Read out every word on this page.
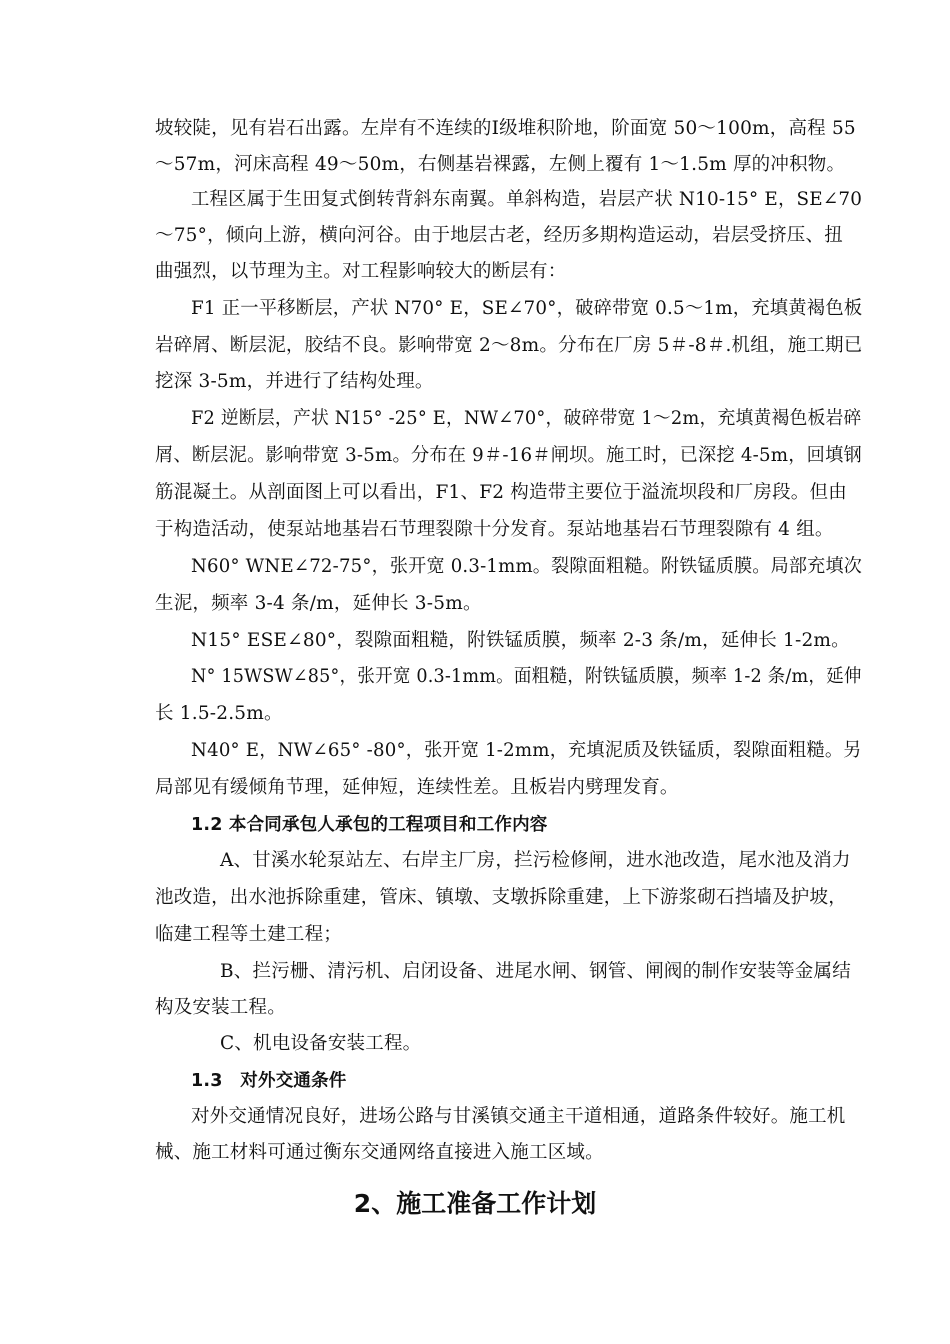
坡较陡，见有岩石出露。左岸有不连续的Ⅰ级堆积阶地，阶面宽 50～100m，高程 55
～57m，河床高程 49～50m，右侧基岩裸露，左侧上覆有 1～1.5m 厚的冲积物。
工程区属于生田复式倒转背斜东南翼。单斜构造，岩层产状 N10-15° E，SE∠70
～75°，倾向上游，横向河谷。由于地层古老，经历多期构造运动，岩层受挤压、扭
曲强烈，以节理为主。对工程影响较大的断层有：
F1 正一平移断层，产状 N70° E，SE∠70°，破碎带宽 0.5～1m，充填黄褐色板
岩碎屑、断层泥，胶结不良。影响带宽 2～8m。分布在厂房 5＃-8＃.机组，施工期已
挖深 3-5m，并进行了结构处理。
F2 逆断层，产状 N15° -25° E，NW∠70°，破碎带宽 1～2m，充填黄褐色板岩碎
屑、断层泥。影响带宽 3-5m。分布在 9＃-16＃闸坝。施工时，已深挖 4-5m，回填钢
筋混凝土。从剖面图上可以看出，F1、F2 构造带主要位于溢流坝段和厂房段。但由
于构造活动，使泵站地基岩石节理裂隙十分发育。泵站地基岩石节理裂隙有 4 组。
N60° WNE∠72-75°，张开宽 0.3-1mm。裂隙面粗糙。附铁锰质膜。局部充填次
生泥，频率 3-4 条/m，延伸长 3-5m。
N15° ESE∠80°，裂隙面粗糙，附铁锰质膜，频率 2-3 条/m，延伸长 1-2m。
N° 15WSW∠85°，张开宽 0.3-1mm。面粗糙，附铁锰质膜，频率 1-2 条/m，延伸
长 1.5-2.5m。
N40° E，NW∠65° -80°，张开宽 1-2mm，充填泥质及铁锰质，裂隙面粗糙。另
局部见有缓倾角节理，延伸短，连续性差。且板岩内劈理发育。
1.2 本合同承包人承包的工程项目和工作内容
A、甘溪水轮泵站左、右岸主厂房，拦污检修闸，进水池改造，尾水池及消力
池改造，出水池拆除重建，管床、镇墩、支墩拆除重建，上下游浆砌石挡墙及护坡，
临建工程等土建工程；
B、拦污栅、清污机、启闭设备、进尾水闸、钢管、闸阀的制作安装等金属结
构及安装工程。
C、机电设备安装工程。
1.3　对外交通条件
对外交通情况良好，进场公路与甘溪镇交通主干道相通，道路条件较好。施工机
械、施工材料可通过衡东交通网络直接进入施工区域。
2、施工准备工作计划
